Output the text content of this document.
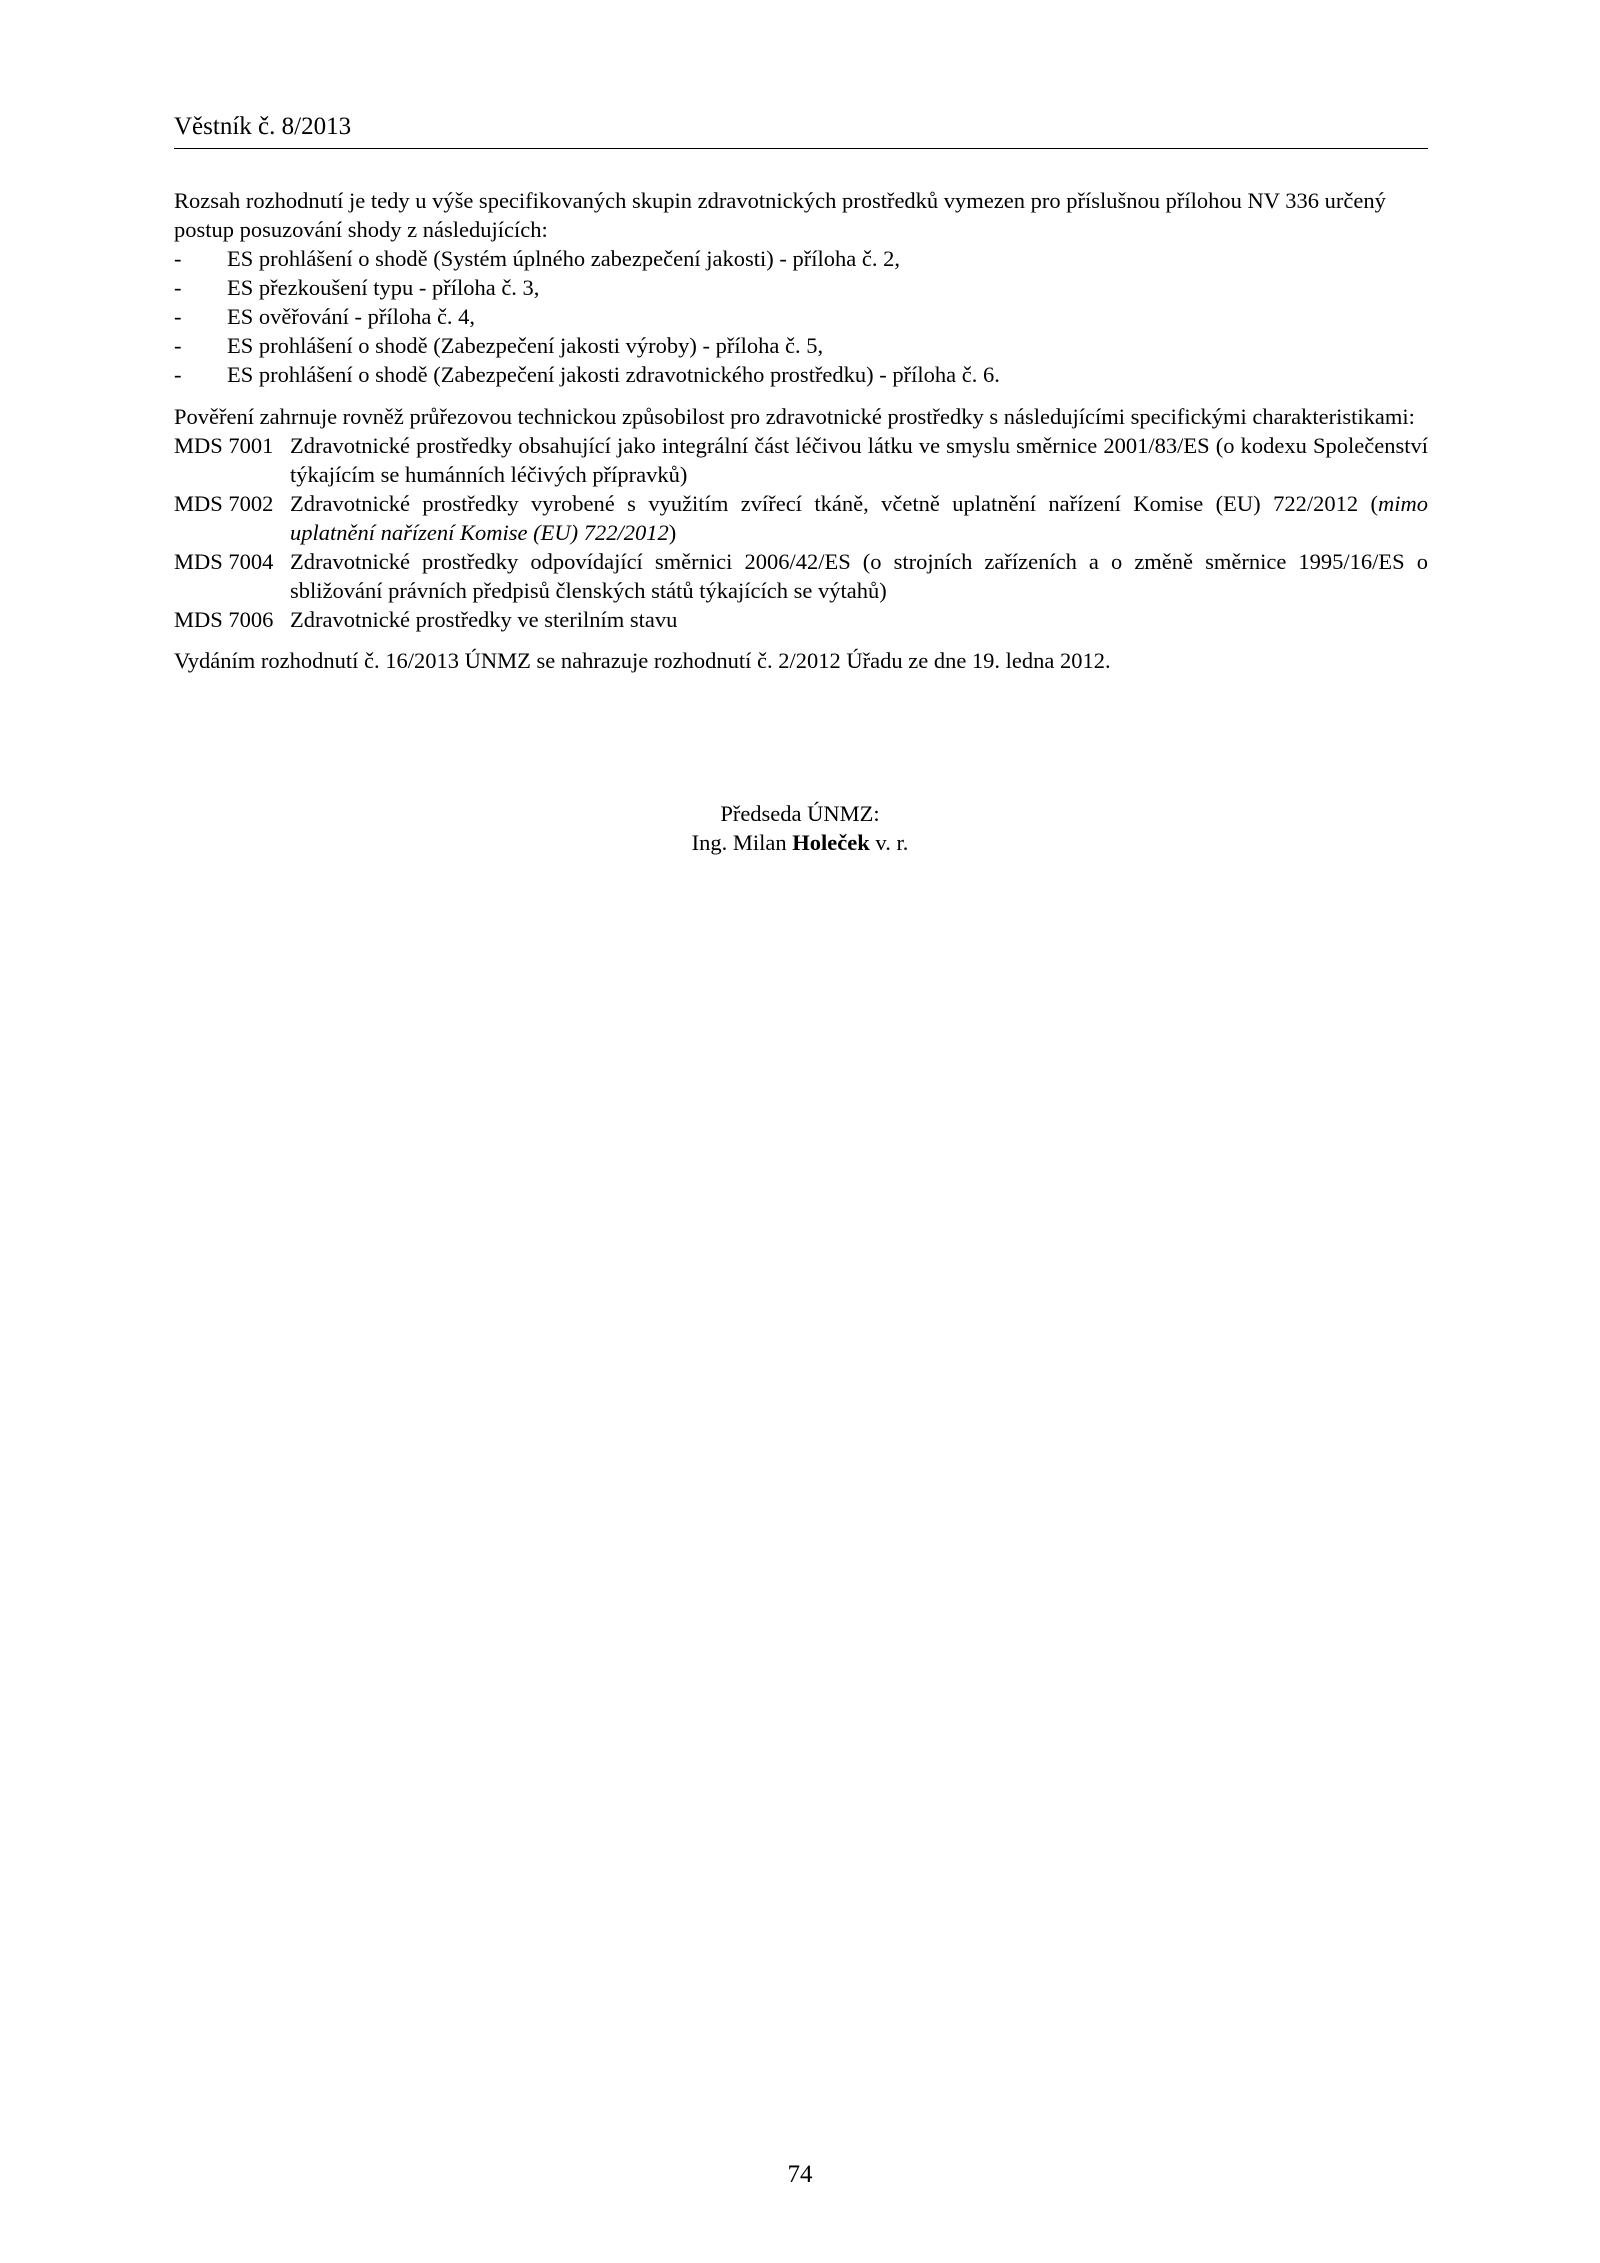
Věstník č. 8/2013

Rozsah rozhodnutí je tedy u výše specifikovaných skupin zdravotnických prostředků vymezen pro příslušnou přílohou NV 336 určený postup posuzování shody z následujících:

- ES prohlášení o shodě (Systém úplného zabezpečení jakosti) - příloha č. 2,
- ES přezkoušení typu - příloha č. 3,
- ES ověřování - příloha č. 4,
- ES prohlášení o shodě (Zabezpečení jakosti výroby) - příloha č. 5,
- ES prohlášení o shodě (Zabezpečení jakosti zdravotnického prostředku) - příloha č. 6.

Pověření zahrnuje rovněž průřezovou technickou způsobilost pro zdravotnické prostředky s následujícími specifickými charakteristikami:

MDS 7001 Zdravotnické prostředky obsahující jako integrální část léčivou látku ve smyslu směrnice 2001/83/ES (o kodexu Společenství týkajícím se humánních léčivých přípravků)
MDS 7002 Zdravotnické prostředky vyrobené s využitím zvířecí tkáně, včetně uplatnění nařízení Komise (EU) 722/2012 (mimo uplatnění nařízení Komise (EU) 722/2012)
MDS 7004 Zdravotnické prostředky odpovídající směrnici 2006/42/ES (o strojních zařízeních a o změně směrnice 1995/16/ES o sbližování právních předpisů členských států týkajících se výtahů)
MDS 7006 Zdravotnické prostředky ve sterilním stavu

Vydáním rozhodnutí č. 16/2013 ÚNMZ se nahrazuje rozhodnutí č. 2/2012 Úřadu ze dne 19. ledna 2012.

Předseda ÚNMZ:
Ing. Milan Holeček v. r.
74
